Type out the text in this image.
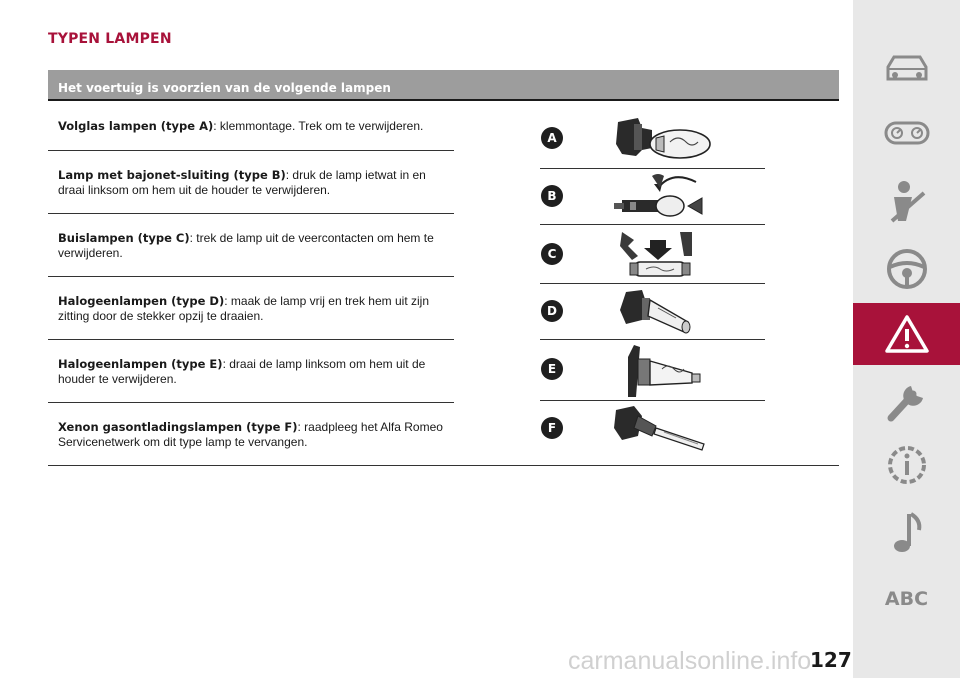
TYPEN LAMPEN
Het voertuig is voorzien van de volgende lampen
Volglas lampen (type A): klemmontage. Trek om te verwijderen.
Lamp met bajonet-sluiting (type B): druk de lamp ietwat in en draai linksom om hem uit de houder te verwijderen.
Buislampen (type C): trek de lamp uit de veercontacten om hem te verwijderen.
Halogeenlampen (type D): maak de lamp vrij en trek hem uit zijn zitting door de stekker opzij te draaien.
Halogeenlampen (type E): draai de lamp linksom om hem uit de houder te verwijderen.
Xenon gasontladingslampen (type F): raadpleeg het Alfa Romeo Servicenetwerk om dit type lamp te vervangen.
A
B
C
D
E
F
ABC
carmanualsonline.info
127
